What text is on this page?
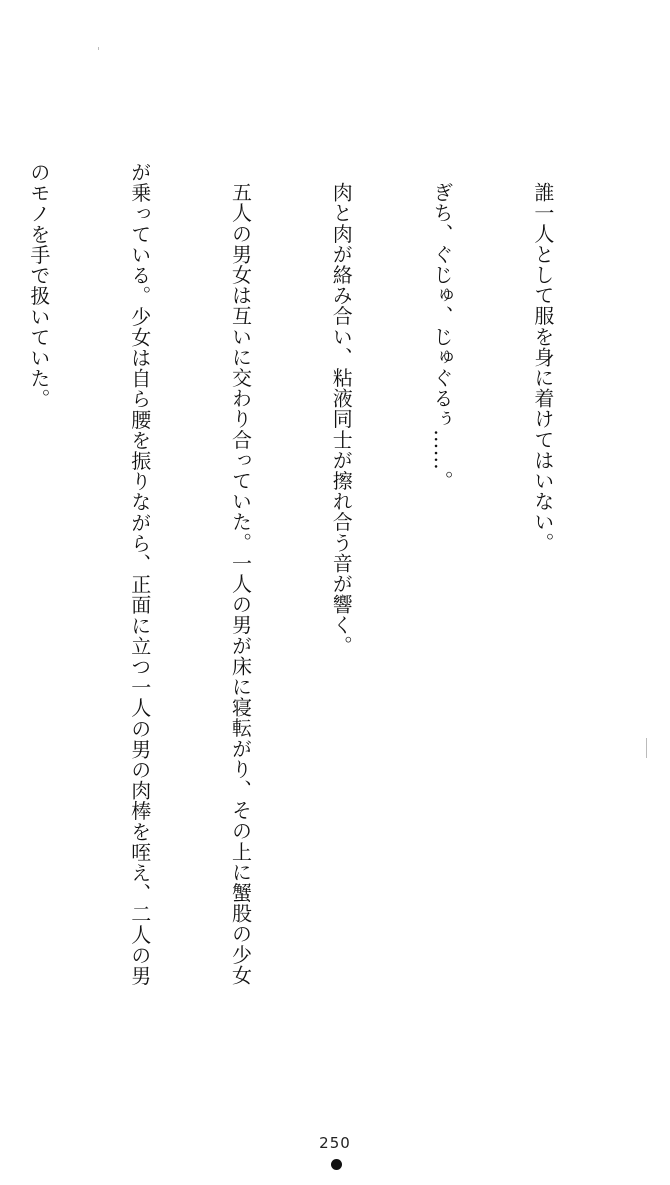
誰一人として服を身に着けてはいない。

ぎち、ぐじゅ、じゅぐるぅ……。

肉と肉が絡み合い、粘液同士が擦れ合う音が響く。

五人の男女は互いに交わり合っていた。一人の男が床に寝転がり、その上に蟹股の少女

が乗っている。少女は自ら腰を振りながら、正面に立つ一人の男の肉棒を咥え、二人の男

のモノを手で扱いていた。

250
